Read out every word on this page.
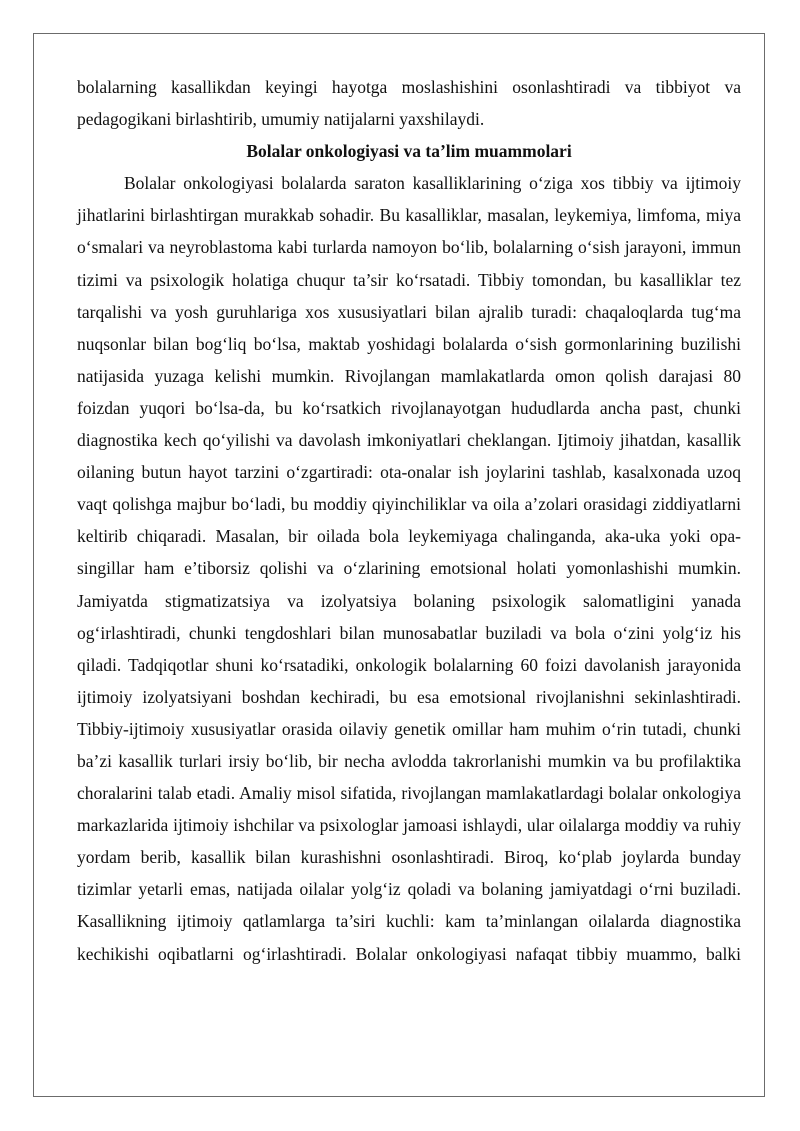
bolalarning kasallikdan keyingi hayotga moslashishini osonlashtiradi va tibbiyot va pedagogikani birlashtirib, umumiy natijalarni yaxshilaydi.

Bolalar onkologiyasi va ta’lim muammolari

Bolalar onkologiyasi bolalarda saraton kasalliklarining o‘ziga xos tibbiy va ijtimoiy jihatlarini birlashtirgan murakkab sohadir. Bu kasalliklar, masalan, leykemiya, limfoma, miya o‘smalari va neyroblastoma kabi turlarda namoyon bo‘lib, bolalarning o‘sish jarayoni, immun tizimi va psixologik holatiga chuqur ta’sir ko‘rsatadi. Tibbiy tomondan, bu kasalliklar tez tarqalishi va yosh guruhlariga xos xususiyatlari bilan ajralib turadi: chaqaloqlarda tug‘ma nuqsonlar bilan bog‘liq bo‘lsa, maktab yoshidagi bolalarda o‘sish gormonlarining buzilishi natijasida yuzaga kelishi mumkin. Rivojlangan mamlakatlarda omon qolish darajasi 80 foizdan yuqori bo‘lsa-da, bu ko‘rsatkich rivojlanayotgan hududlarda ancha past, chunki diagnostika kech qo‘yilishi va davolash imkoniyatlari cheklangan. Ijtimoiy jihatdan, kasallik oilaning butun hayot tarzini o‘zgartiradi: ota-onalar ish joylarini tashlab, kasalxonada uzoq vaqt qolishga majbur bo‘ladi, bu moddiy qiyinchiliklar va oila a’zolari orasidagi ziddiyatlarni keltirib chiqaradi. Masalan, bir oilada bola leykemiyaga chalinganda, aka-uka yoki opa-singillar ham e’tiborsiz qolishi va o‘zlarining emotsional holati yomonlashishi mumkin. Jamiyatda stigmatizatsiya va izolyatsiya bolaning psixologik salomatligini yanada og‘irlashtiradi, chunki tengdoshlari bilan munosabatlar buziladi va bola o‘zini yolg‘iz his qiladi. Tadqiqotlar shuni ko‘rsatadiki, onkologik bolalarning 60 foizi davolanish jarayonida ijtimoiy izolyatsiyani boshdan kechiradi, bu esa emotsional rivojlanishni sekinlashtiradi. Tibbiy-ijtimoiy xususiyatlar orasida oilaviy genetik omillar ham muhim o‘rin tutadi, chunki ba’zi kasallik turlari irsiy bo‘lib, bir necha avlodda takrorlanishi mumkin va bu profilaktika choralarini talab etadi. Amaliy misol sifatida, rivojlangan mamlakatlardagi bolalar onkologiya markazlarida ijtimoiy ishchilar va psixologlar jamoasi ishlaydi, ular oilalarga moddiy va ruhiy yordam berib, kasallik bilan kurashishni osonlashtiradi. Biroq, ko‘plab joylarda bunday tizimlar yetarli emas, natijada oilalar yolg‘iz qoladi va bolaning jamiyatdagi o‘rni buziladi. Kasallikning ijtimoiy qatlamlarga ta’siri kuchli: kam ta’minlangan oilalarda diagnostika kechikishi oqibatlarni og‘irlashtiradi. Bolalar onkologiyasi nafaqat tibbiy muammo, balki
